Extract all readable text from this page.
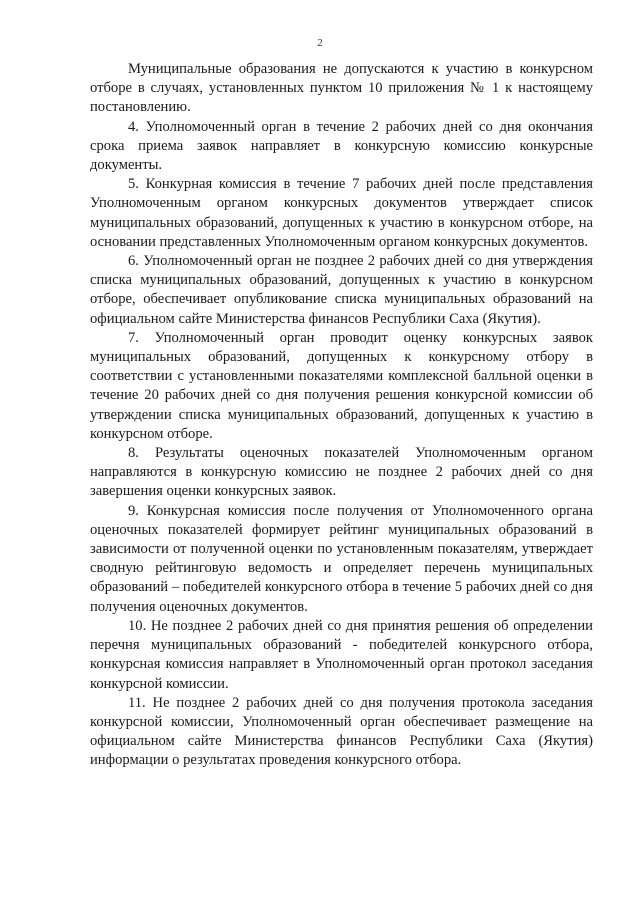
2

Муниципальные образования не допускаются к участию в конкурсном отборе в случаях, установленных пунктом 10 приложения № 1 к настоящему постановлению.

4. Уполномоченный орган в течение 2 рабочих дней со дня окончания срока приема заявок направляет в конкурсную комиссию конкурсные документы.

5. Конкурная комиссия в течение 7 рабочих дней после представления Уполномоченным органом конкурсных документов утверждает список муниципальных образований, допущенных к участию в конкурсном отборе, на основании представленных Уполномоченным органом конкурсных документов.

6. Уполномоченный орган не позднее 2 рабочих дней со дня утверждения списка муниципальных образований, допущенных к участию в конкурсном отборе, обеспечивает опубликование списка муниципальных образований на официальном сайте Министерства финансов Республики Саха (Якутия).

7. Уполномоченный орган проводит оценку конкурсных заявок муниципальных образований, допущенных к конкурсному отбору в соответствии с установленными показателями комплексной балльной оценки в течение 20 рабочих дней со дня получения решения конкурсной комиссии об утверждении списка муниципальных образований, допущенных к участию в конкурсном отборе.

8. Результаты оценочных показателей Уполномоченным органом направляются в конкурсную комиссию не позднее 2 рабочих дней со дня завершения оценки конкурсных заявок.

9. Конкурсная комиссия после получения от Уполномоченного органа оценочных показателей формирует рейтинг муниципальных образований в зависимости от полученной оценки по установленным показателям, утверждает сводную рейтинговую ведомость и определяет перечень муниципальных образований – победителей конкурсного отбора в течение 5 рабочих дней со дня получения оценочных документов.

10. Не позднее 2 рабочих дней со дня принятия решения об определении перечня муниципальных образований - победителей конкурсного отбора, конкурсная комиссия направляет в Уполномоченный орган протокол заседания конкурсной комиссии.

11. Не позднее 2 рабочих дней со дня получения протокола заседания конкурсной комиссии, Уполномоченный орган обеспечивает размещение на официальном сайте Министерства финансов Республики Саха (Якутия) информации о результатах проведения конкурсного отбора.
